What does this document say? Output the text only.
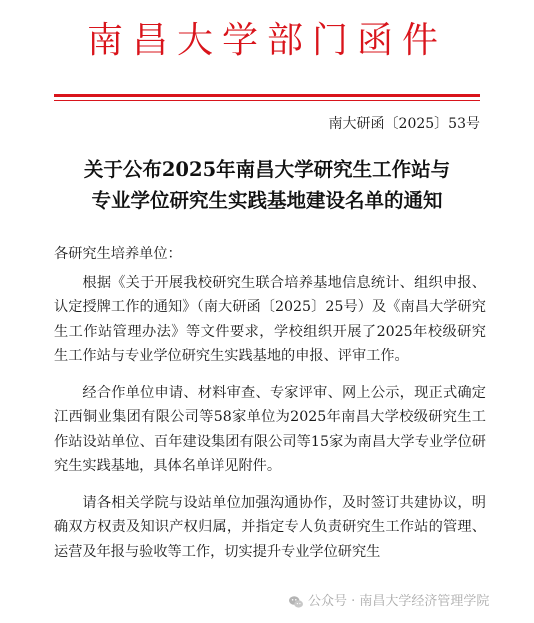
南昌大学部门函件
南大研函〔2025〕53号
关于公布2025年南昌大学研究生工作站与
专业学位研究生实践基地建设名单的通知
各研究生培养单位：

根据《关于开展我校研究生联合培养基地信息统计、组织申报、认定授牌工作的通知》（南大研函〔2025〕25号）及《南昌大学研究生工作站管理办法》等文件要求，学校组织开展了2025年校级研究生工作站与专业学位研究生实践基地的申报、评审工作。

经合作单位申请、材料审查、专家评审、网上公示，现正式确定江西铜业集团有限公司等58家单位为2025年南昌大学校级研究生工作站设站单位、百年建设集团有限公司等15家为南昌大学专业学位研究生实践基地，具体名单详见附件。

请各相关学院与设站单位加强沟通协作，及时签订共建协议，明确双方权责及知识产权归属，并指定专人负责研究生工作站的管理、运营及年报与验收等工作，切实提升专业学位研究生

公众号 · 南昌大学经济管理学院
